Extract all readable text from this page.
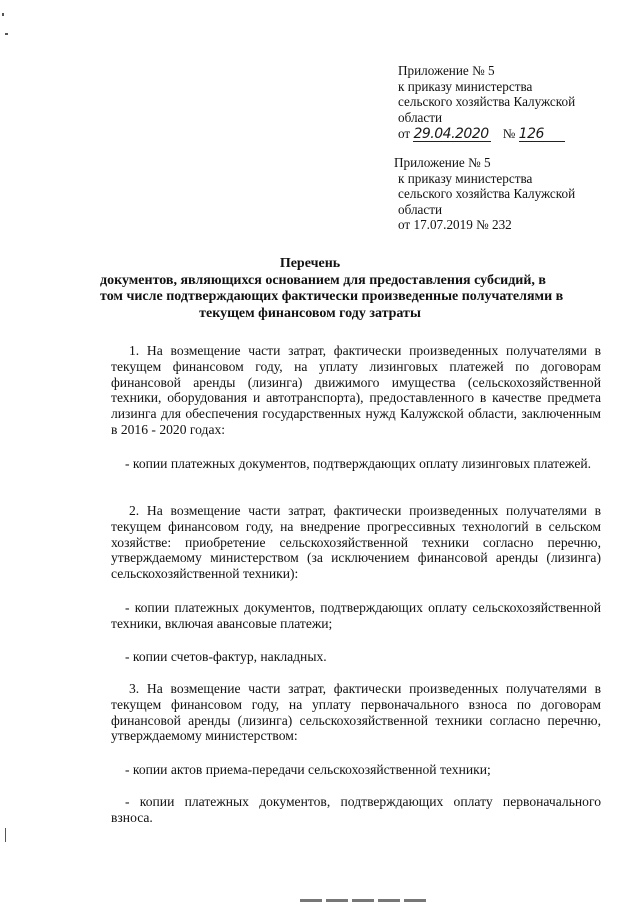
Приложение № 5
к приказу министерства
сельского хозяйства Калужской
области
от 29.04.2020 № 126
Приложение № 5
к приказу министерства
сельского хозяйства Калужской
области
от 17.07.2019 № 232
Перечень
документов, являющихся основанием для предоставления субсидий, в
том числе подтверждающих фактически произведенные получателями в
текущем финансовом году затраты
1. На возмещение части затрат, фактически произведенных получателями в текущем финансовом году, на уплату лизинговых платежей по договорам финансовой аренды (лизинга) движимого имущества (сельскохозяйственной техники, оборудования и автотранспорта), предоставленного в качестве предмета лизинга для обеспечения государственных нужд Калужской области, заключенным в 2016 - 2020 годах:
- копии платежных документов, подтверждающих оплату лизинговых платежей.
2. На возмещение части затрат, фактически произведенных получателями в текущем финансовом году, на внедрение прогрессивных технологий в сельском хозяйстве: приобретение сельскохозяйственной техники согласно перечню, утверждаемому министерством (за исключением финансовой аренды (лизинга) сельскохозяйственной техники):
- копии платежных документов, подтверждающих оплату сельскохозяйственной техники, включая авансовые платежи;
- копии счетов-фактур, накладных.
3. На возмещение части затрат, фактически произведенных получателями в текущем финансовом году, на уплату первоначального взноса по договорам финансовой аренды (лизинга) сельскохозяйственной техники согласно перечню, утверждаемому министерством:
- копии актов приема-передачи сельскохозяйственной техники;
- копии платежных документов, подтверждающих оплату первоначального взноса.
